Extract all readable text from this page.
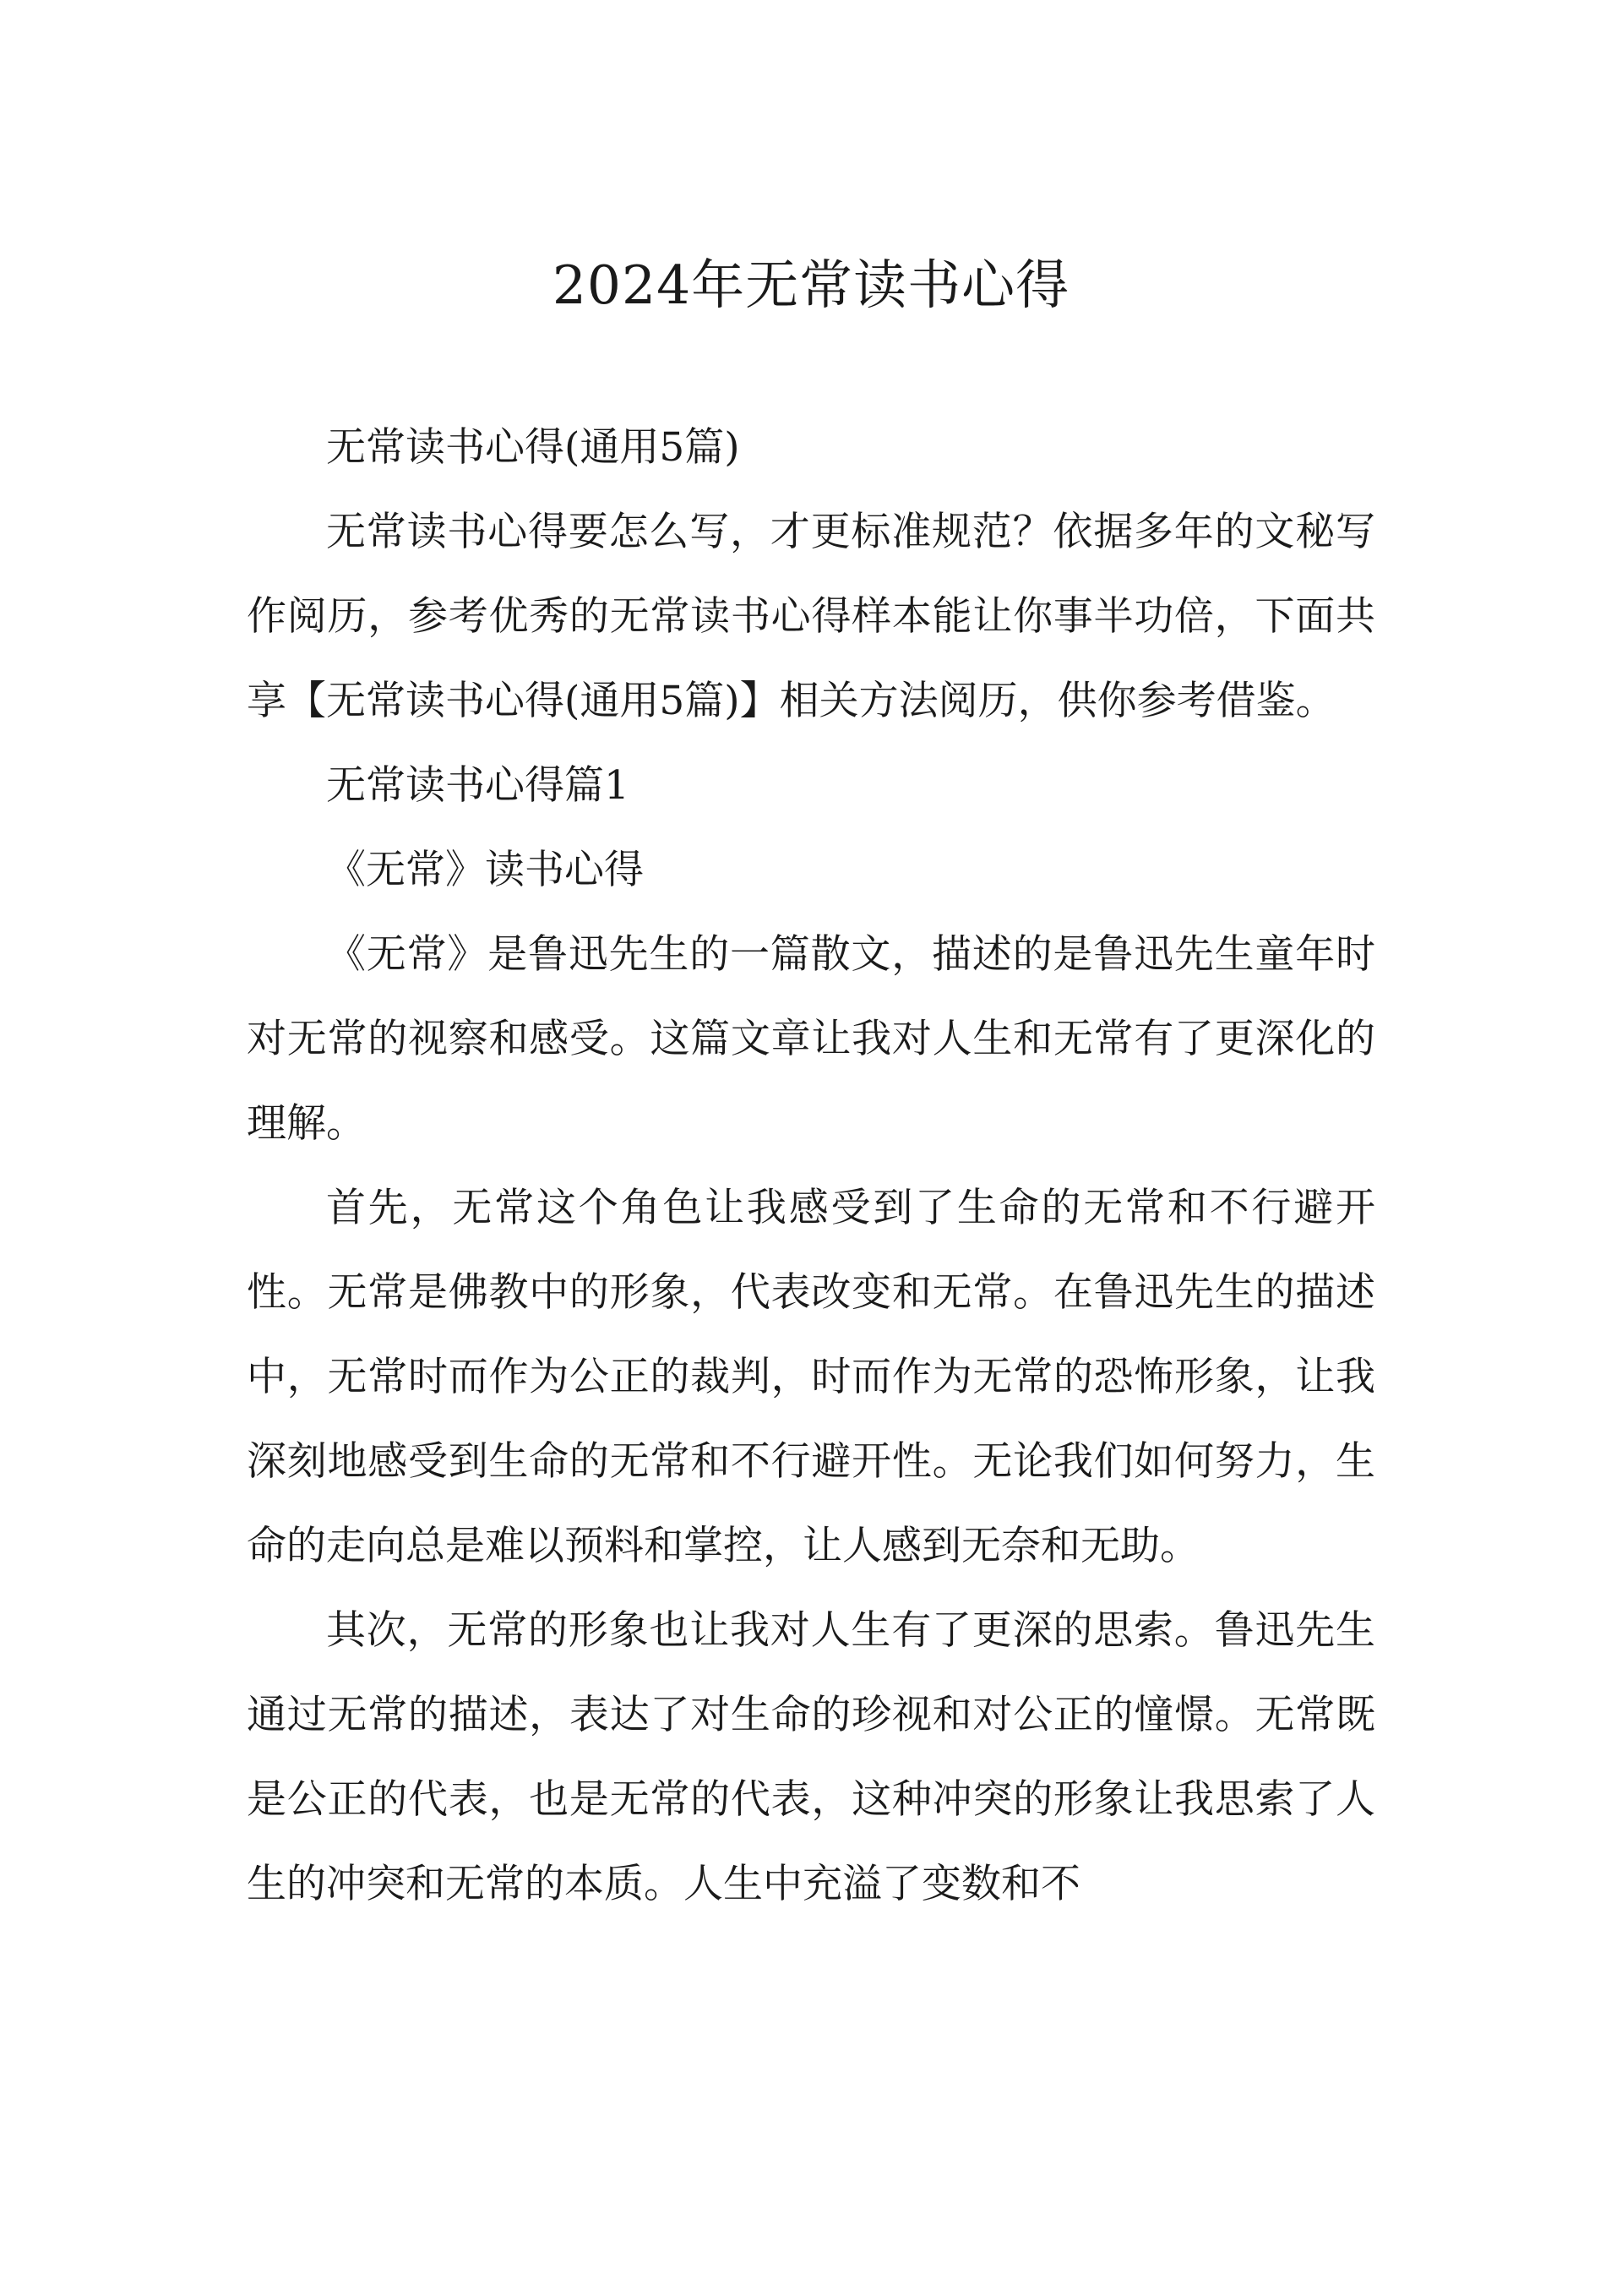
2024年无常读书心得

无常读书心得(通用5篇)

无常读书心得要怎么写，才更标准规范？依据多年的文秘写作阅历，参考优秀的无常读书心得样本能让你事半功倍，下面共享【无常读书心得(通用5篇)】相关方法阅历，供你参考借鉴。

无常读书心得篇1

《无常》读书心得

《无常》是鲁迅先生的一篇散文，描述的是鲁迅先生童年时对无常的视察和感受。这篇文章让我对人生和无常有了更深化的理解。

首先，无常这个角色让我感受到了生命的无常和不行避开性。无常是佛教中的形象，代表改变和无常。在鲁迅先生的描述中，无常时而作为公正的裁判，时而作为无常的恐怖形象，让我深刻地感受到生命的无常和不行避开性。无论我们如何努力，生命的走向总是难以预料和掌控，让人感到无奈和无助。

其次，无常的形象也让我对人生有了更深的思索。鲁迅先生通过无常的描述，表达了对生命的珍视和对公正的憧憬。无常既是公正的代表，也是无常的代表，这种冲突的形象让我思索了人生的冲突和无常的本质。人生中充溢了变数和不
